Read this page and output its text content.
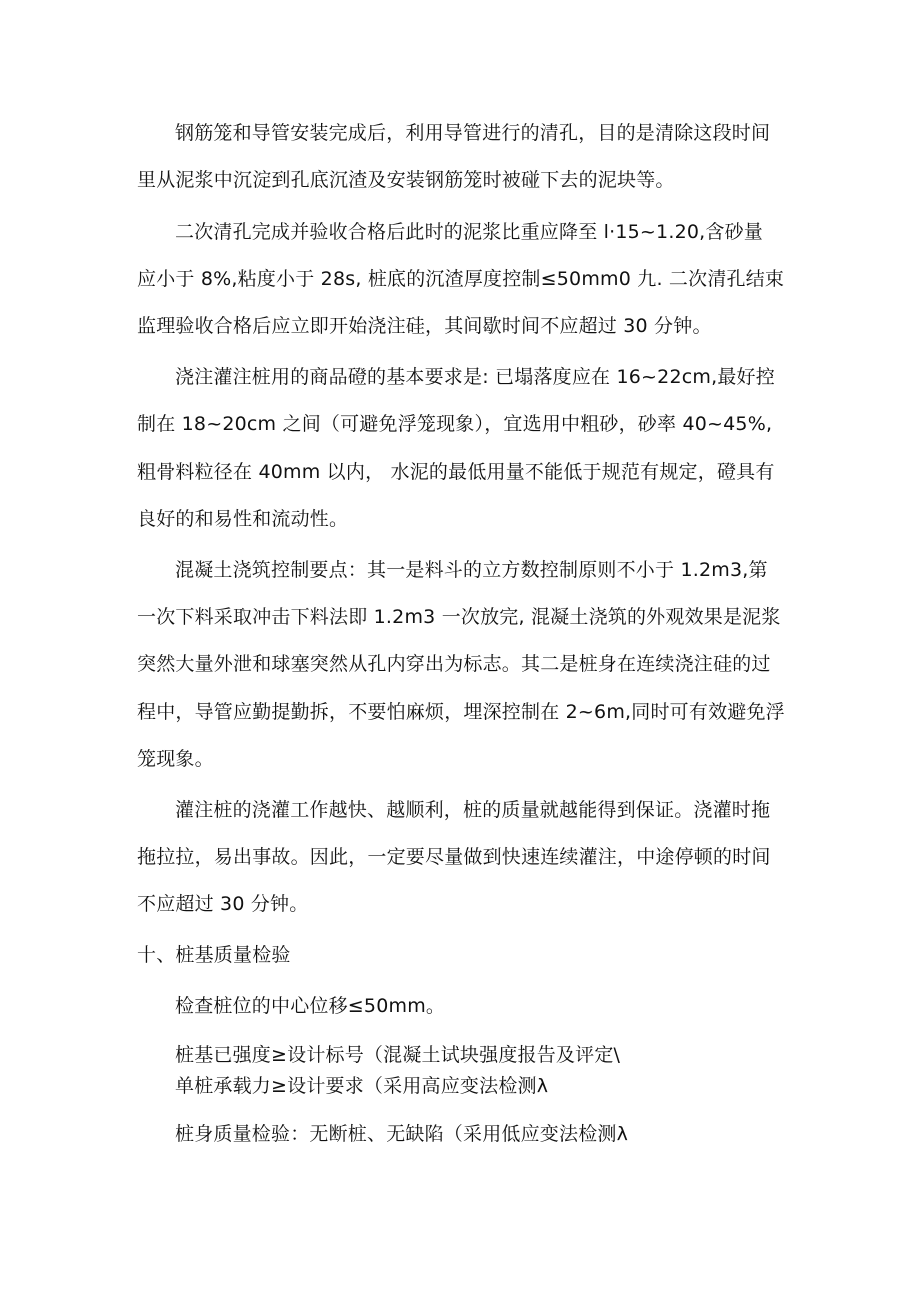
钢筋笼和导管安装完成后，利用导管进行的清孔，目的是清除这段时间
里从泥浆中沉淀到孔底沉渣及安装钢筋笼时被碰下去的泥块等。
二次清孔完成并验收合格后此时的泥浆比重应降至 l·15~1.20,含砂量
应小于 8%,粘度小于 28s, 桩底的沉渣厚度控制≤50mm0 九. 二次清孔结束
监理验收合格后应立即开始浇注硅，其间歇时间不应超过 30 分钟。
浇注灌注桩用的商品磴的基本要求是: 已塌落度应在 16~22cm,最好控
制在 18~20cm 之间（可避免浮笼现象），宜选用中粗砂，砂率 40~45%,
粗骨料粒径在 40mm 以内， 水泥的最低用量不能低于规范有规定，磴具有
良好的和易性和流动性。
混凝土浇筑控制要点：其一是料斗的立方数控制原则不小于 1.2m3,第
一次下料采取冲击下料法即 1.2m3 一次放完, 混凝土浇筑的外观效果是泥浆
突然大量外泄和球塞突然从孔内穿出为标志。其二是桩身在连续浇注硅的过
程中，导管应勤提勤拆，不要怕麻烦，埋深控制在 2~6m,同时可有效避免浮
笼现象。
灌注桩的浇灌工作越快、越顺利，桩的质量就越能得到保证。浇灌时拖
拖拉拉，易出事故。因此，一定要尽量做到快速连续灌注，中途停顿的时间
不应超过 30 分钟。
十、桩基质量检验
检查桩位的中心位移≤50mm。
桩基已强度≥设计标号（混凝土试块强度报告及评定\
单桩承载力≥设计要求（采用高应变法检测λ
桩身质量检验：无断桩、无缺陷（采用低应变法检测λ
